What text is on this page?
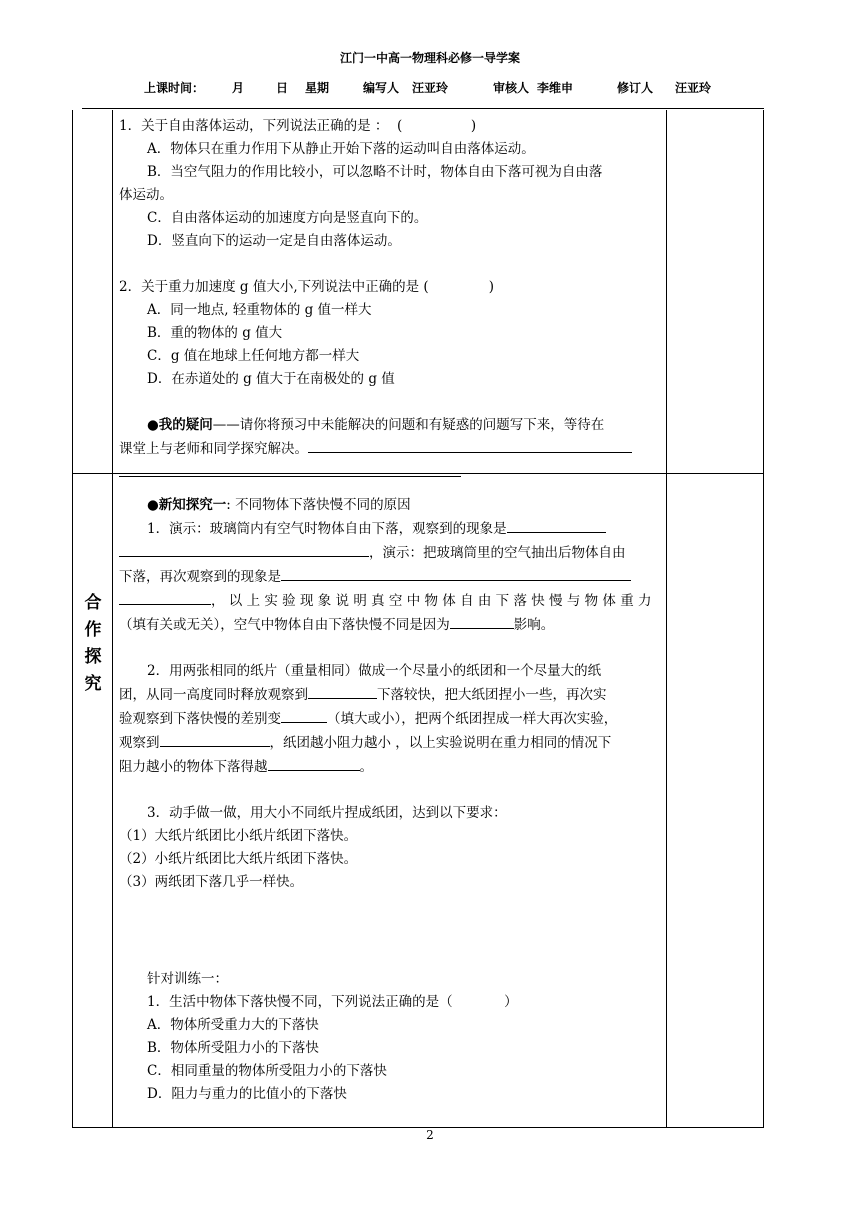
江门一中高一物理科必修一导学案
上课时间： 月	日 星期	编写人 汪亚玲	审核人 李维申	修订人 汪亚玲
1．关于自由落体运动，下列说法正确的是 ： (                )
A．物体只在重力作用下从静止开始下落的运动叫自由落体运动。
B．当空气阻力的作用比较小，可以忽略不计时，物体自由下落可视为自由落
体运动。
C．自由落体运动的加速度方向是竖直向下的。
D．竖直向下的运动一定是自由落体运动。
2．关于重力加速度 g 值大小,下列说法中正确的是 (              )
A．同一地点, 轻重物体的 g 值一样大
B．重的物体的 g 值大
C．g 值在地球上任何地方都一样大
D．在赤道处的 g 值大于在南极处的 g 值
●我的疑问——请你将预习中未能解决的问题和有疑惑的问题写下来，等待在
课堂上与老师和同学探究解决。
合
作
探
究
●新知探究一: 不同物体下落快慢不同的原因
1．演示：玻璃筒内有空气时物体自由下落，观察到的现象是
，演示：把玻璃筒里的空气抽出后物体自由
下落，再次观察到的现象是
， 以 上 实 验 现 象 说 明 真 空 中 物 体 自 由 下 落 快 慢 与 物 体 重 力
（填有关或无关），空气中物体自由下落快慢不同是因为	影响。
2．用两张相同的纸片（重量相同）做成一个尽量小的纸团和一个尽量大的纸
团，从同一高度同时释放观察到	下落较快，把大纸团捏小一些，再次实
验观察到下落快慢的差别变	（填大或小），把两个纸团捏成一样大再次实验，
观察到	，纸团越小阻力越小 ，以上实验说明在重力相同的情况下
阻力越小的物体下落得越	。
3．动手做一做，用大小不同纸片捏成纸团，达到以下要求：
（1）大纸片纸团比小纸片纸团下落快。
（2）小纸片纸团比大纸片纸团下落快。
（3）两纸团下落几乎一样快。
针对训练一：
1．生活中物体下落快慢不同，下列说法正确的是（            ）
A．物体所受重力大的下落快
B．物体所受阻力小的下落快
C．相同重量的物体所受阻力小的下落快
D．阻力与重力的比值小的下落快
2
